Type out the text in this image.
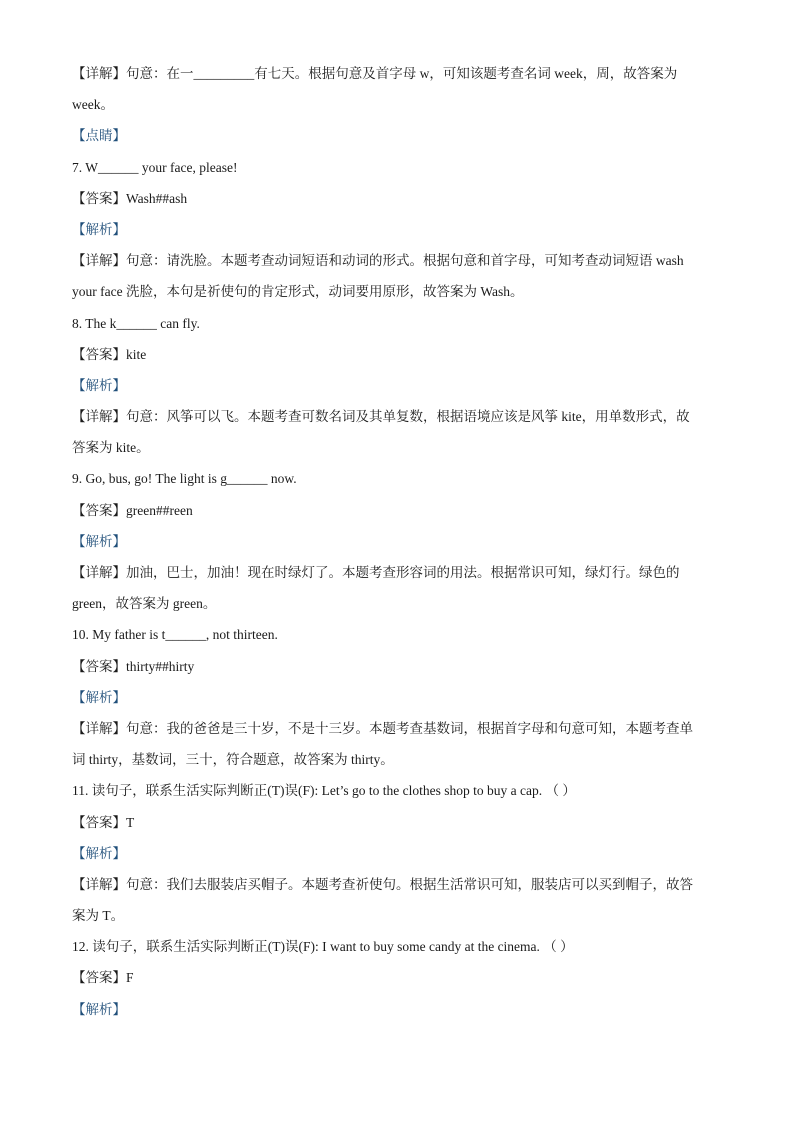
【详解】句意：在一_________有七天。根据句意及首字母 w，可知该题考查名词 week，周，故答案为
week。
【点睛】
7. W______ your face, please!
【答案】Wash##ash
【解析】
【详解】句意：请洗脸。本题考查动词短语和动词的形式。根据句意和首字母，可知考查动词短语 wash
your face 洗脸，本句是祈使句的肯定形式，动词要用原形，故答案为 Wash。
8. The k______ can fly.
【答案】kite
【解析】
【详解】句意：风筝可以飞。本题考查可数名词及其单复数，根据语境应该是风筝 kite，用单数形式，故
答案为 kite。
9. Go, bus, go! The light is g______ now.
【答案】green##reen
【解析】
【详解】加油，巴士，加油！现在时绿灯了。本题考查形容词的用法。根据常识可知，绿灯行。绿色的
green，故答案为 green。
10. My father is t______, not thirteen.
【答案】thirty##hirty
【解析】
【详解】句意：我的爸爸是三十岁，不是十三岁。本题考查基数词，根据首字母和句意可知，本题考查单
词 thirty，基数词，三十，符合题意，故答案为 thirty。
11. 读句子，联系生活实际判断正(T)误(F): Let’s go to the clothes shop to buy a cap. （ ）
【答案】T
【解析】
【详解】句意：我们去服装店买帽子。本题考查祈使句。根据生活常识可知，服装店可以买到帽子，故答
案为 T。
12. 读句子，联系生活实际判断正(T)误(F): I want to buy some candy at the cinema. （ ）
【答案】F
【解析】
